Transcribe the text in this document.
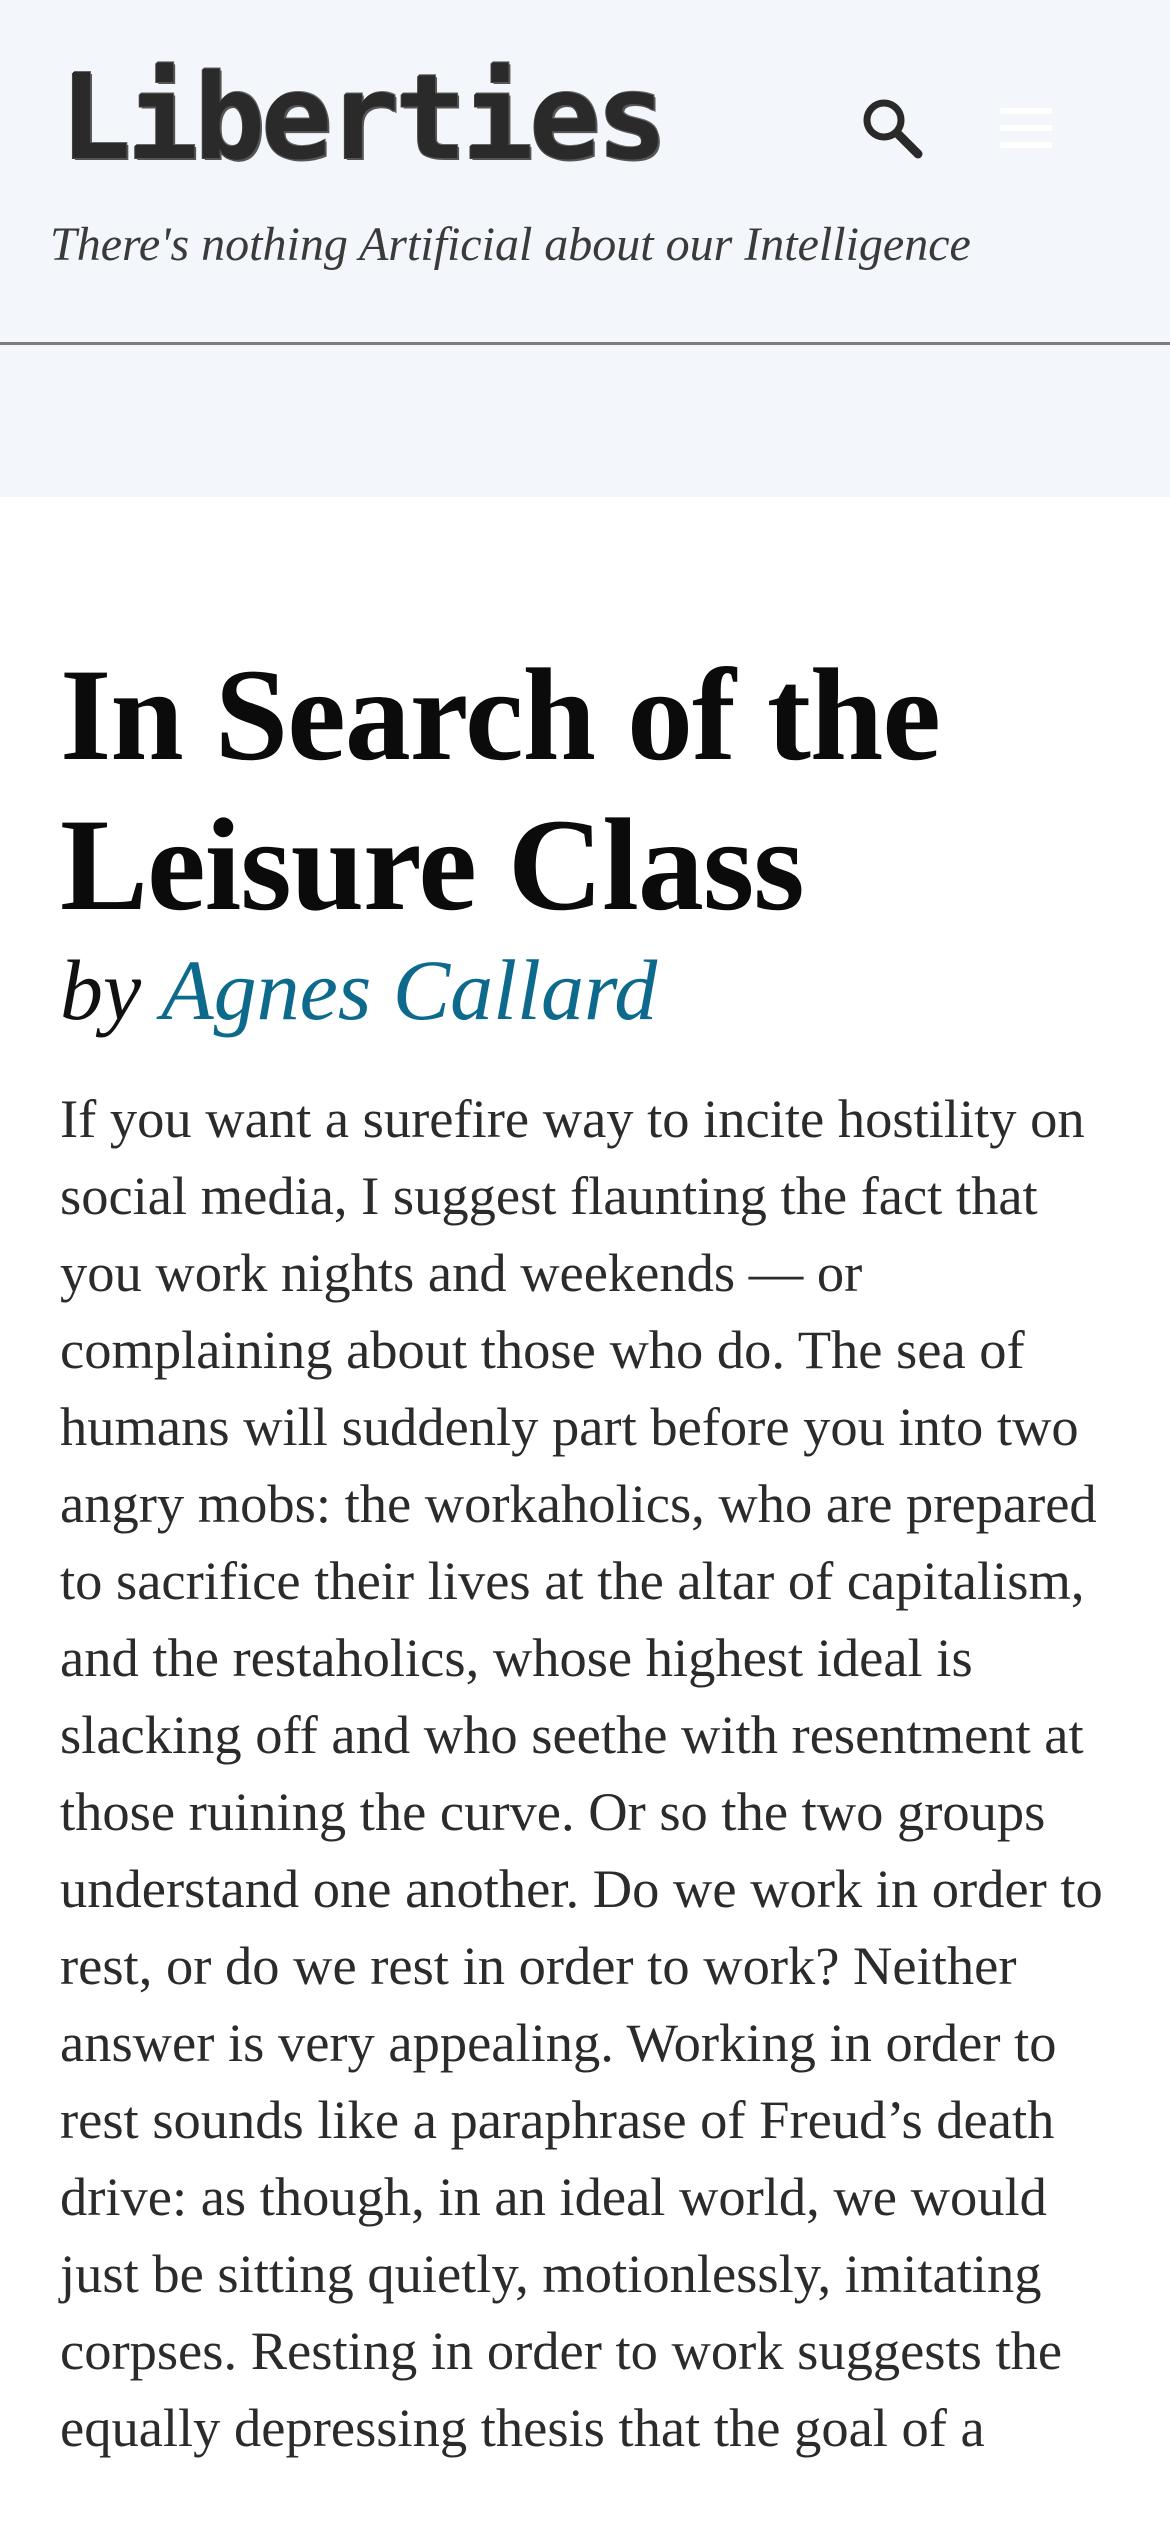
Liberties
There's nothing Artificial about our Intelligence
In Search of the Leisure Class
by Agnes Callard

If you want a surefire way to incite hostility on social media, I suggest flaunting the fact that you work nights and weekends — or complaining about those who do. The sea of humans will suddenly part before you into two angry mobs: the workaholics, who are prepared to sacrifice their lives at the altar of capitalism, and the restaholics, whose highest ideal is slacking off and who seethe with resentment at those ruining the curve. Or so the two groups understand one another. Do we work in order to rest, or do we rest in order to work? Neither answer is very appealing. Working in order to rest sounds like a paraphrase of Freud’s death drive: as though, in an ideal world, we would just be sitting quietly, motionlessly, imitating corpses. Resting in order to work suggests the equally depressing thesis that the goal of a
